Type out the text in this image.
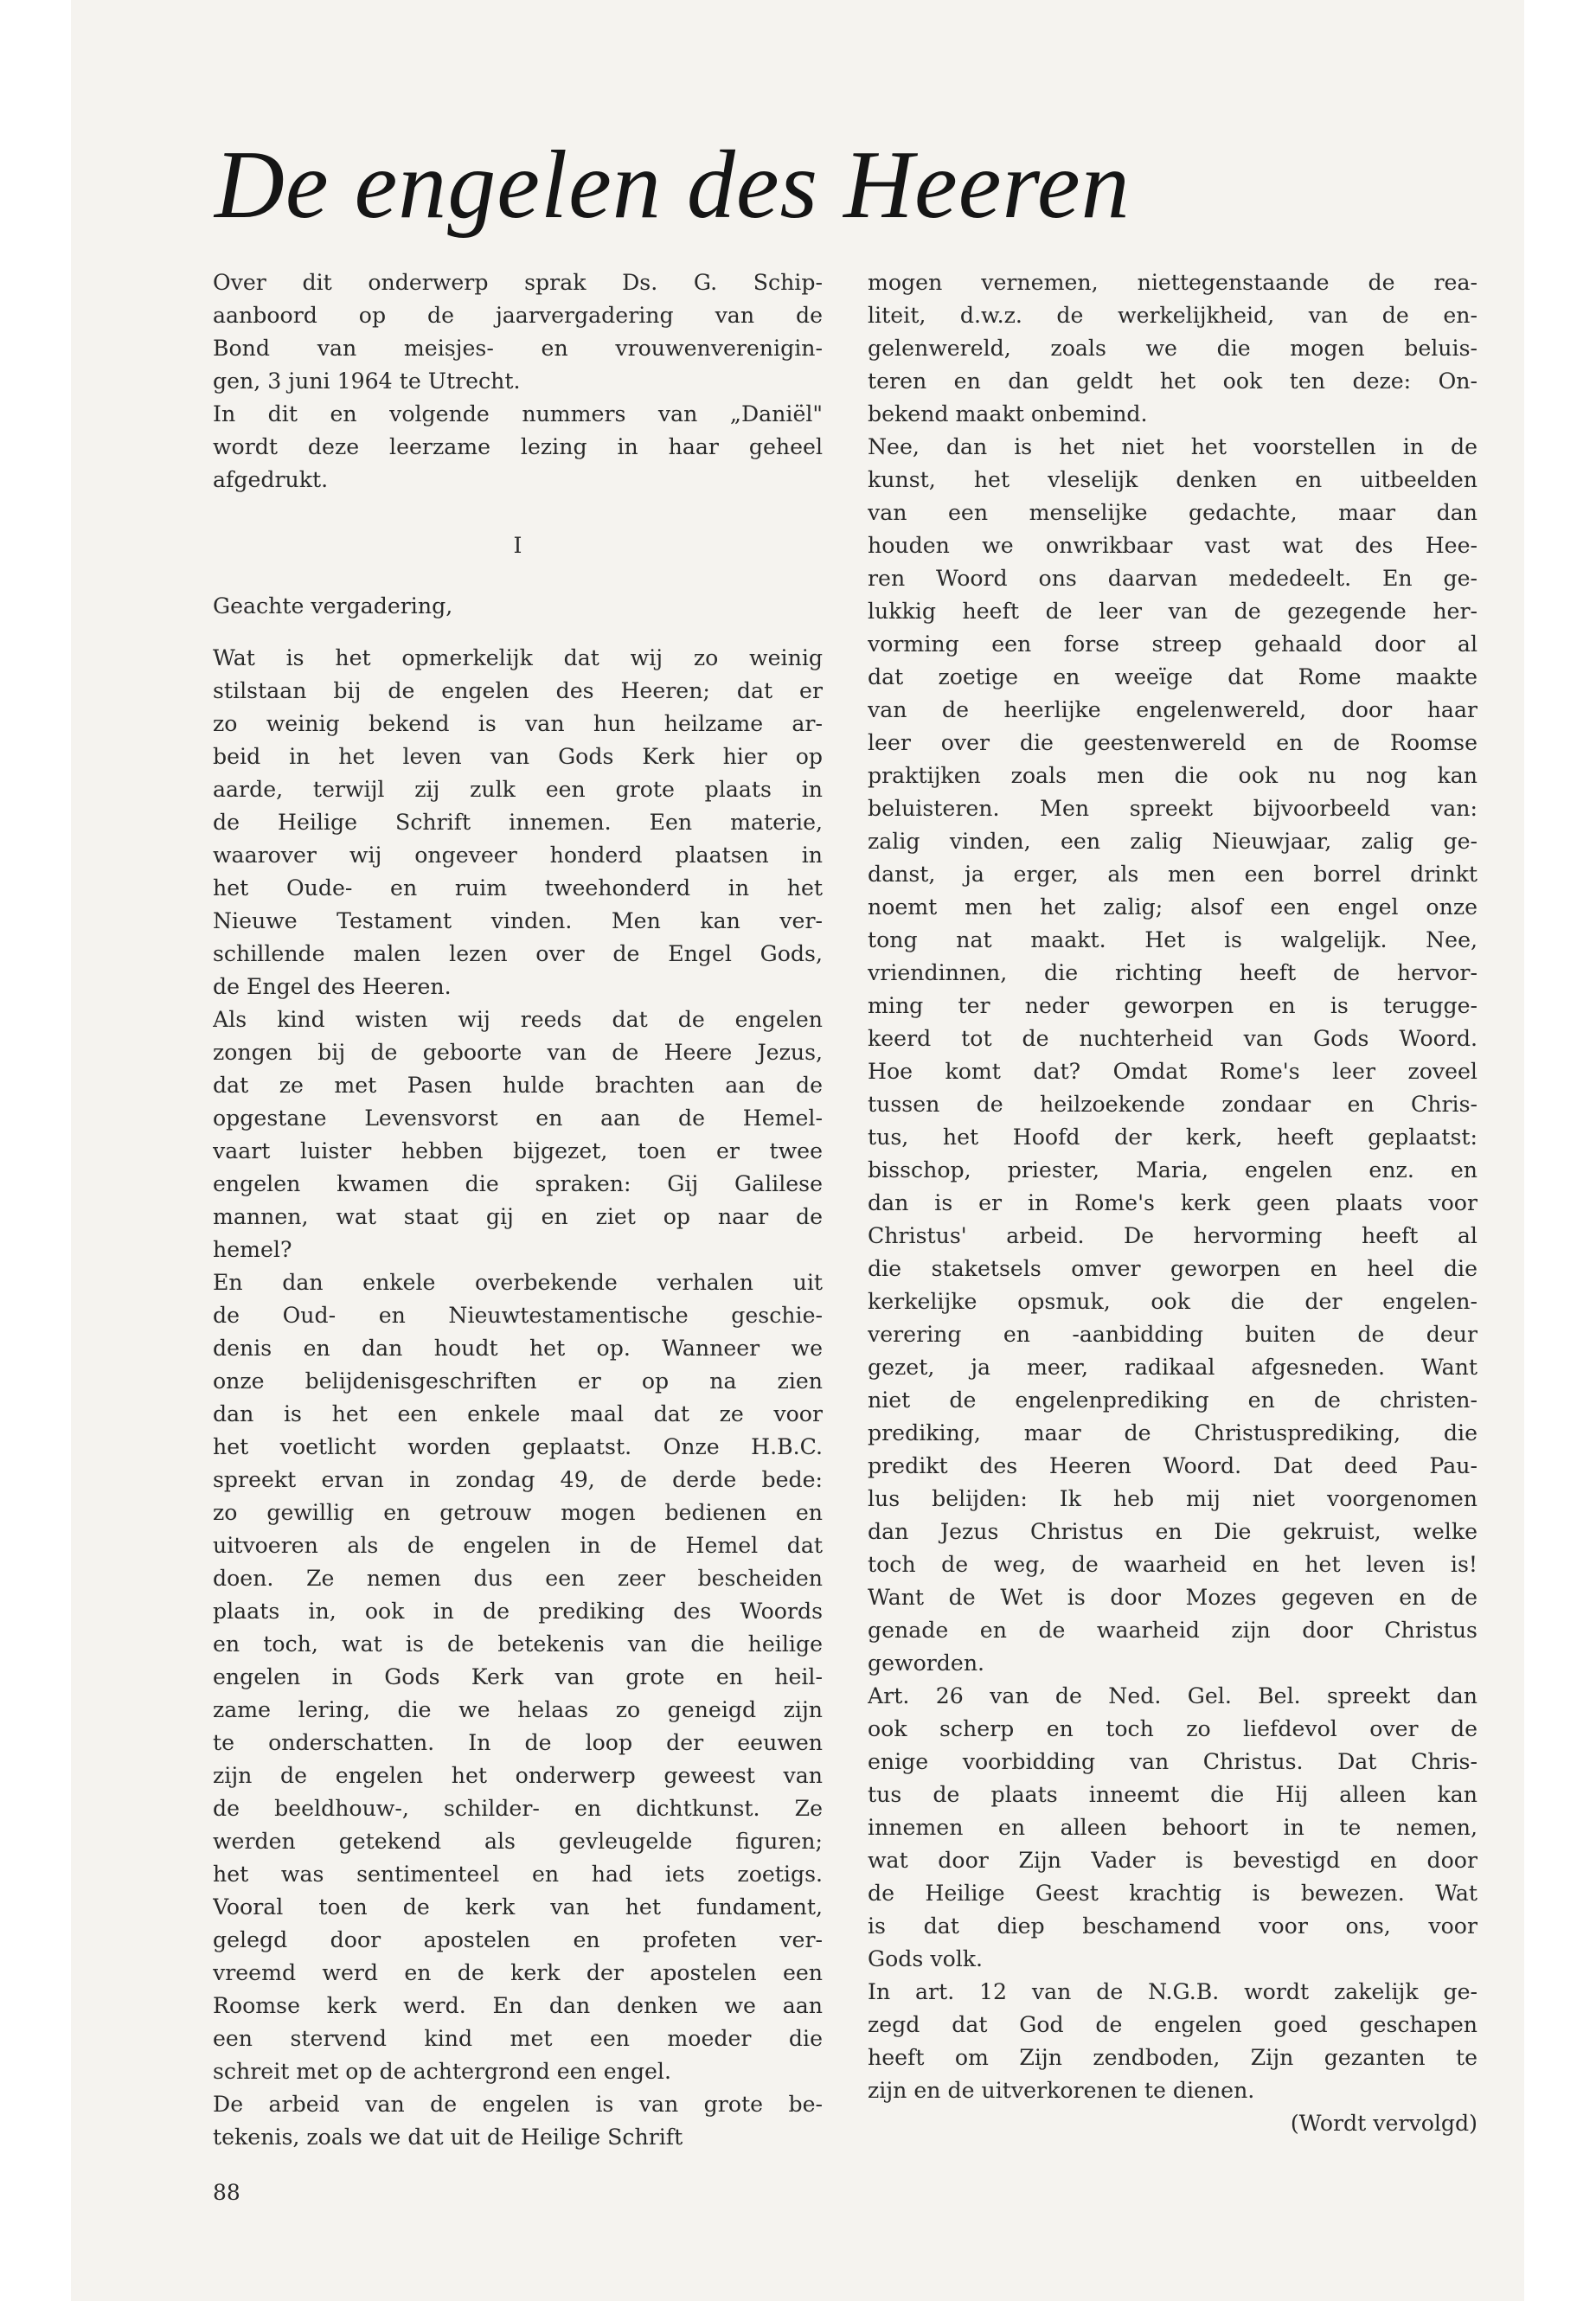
De engelen des Heeren
Over dit onderwerp sprak Ds. G. Schip-
aanboord op de jaarvergadering van de
Bond van meisjes- en vrouwenverenigin-
gen, 3 juni 1964 te Utrecht.
In dit en volgende nummers van „Daniël"
wordt deze leerzame lezing in haar geheel
afgedrukt.
I
Geachte vergadering,
Wat is het opmerkelijk dat wij zo weinig
stilstaan bij de engelen des Heeren; dat er
zo weinig bekend is van hun heilzame ar-
beid in het leven van Gods Kerk hier op
aarde, terwijl zij zulk een grote plaats in
de Heilige Schrift innemen. Een materie,
waarover wij ongeveer honderd plaatsen in
het Oude- en ruim tweehonderd in het
Nieuwe Testament vinden. Men kan ver-
schillende malen lezen over de Engel Gods,
de Engel des Heeren.
Als kind wisten wij reeds dat de engelen
zongen bij de geboorte van de Heere Jezus,
dat ze met Pasen hulde brachten aan de
opgestane Levensvorst en aan de Hemel-
vaart luister hebben bijgezet, toen er twee
engelen kwamen die spraken: Gij Galilese
mannen, wat staat gij en ziet op naar de
hemel?
En dan enkele overbekende verhalen uit
de Oud- en Nieuwtestamentische geschie-
denis en dan houdt het op. Wanneer we
onze belijdenisgeschriften er op na zien
dan is het een enkele maal dat ze voor
het voetlicht worden geplaatst. Onze H.B.C.
spreekt ervan in zondag 49, de derde bede:
zo gewillig en getrouw mogen bedienen en
uitvoeren als de engelen in de Hemel dat
doen. Ze nemen dus een zeer bescheiden
plaats in, ook in de prediking des Woords
en toch, wat is de betekenis van die heilige
engelen in Gods Kerk van grote en heil-
zame lering, die we helaas zo geneigd zijn
te onderschatten. In de loop der eeuwen
zijn de engelen het onderwerp geweest van
de beeldhouw-, schilder- en dichtkunst. Ze
werden getekend als gevleugelde figuren;
het was sentimenteel en had iets zoetigs.
Vooral toen de kerk van het fundament,
gelegd door apostelen en profeten ver-
vreemd werd en de kerk der apostelen een
Roomse kerk werd. En dan denken we aan
een stervend kind met een moeder die
schreit met op de achtergrond een engel.
De arbeid van de engelen is van grote be-
tekenis, zoals we dat uit de Heilige Schrift
mogen vernemen, niettegenstaande de rea-
liteit, d.w.z. de werkelijkheid, van de en-
gelenwereld, zoals we die mogen beluis-
teren en dan geldt het ook ten deze: On-
bekend maakt onbemind.
Nee, dan is het niet het voorstellen in de
kunst, het vleselijk denken en uitbeelden
van een menselijke gedachte, maar dan
houden we onwrikbaar vast wat des Hee-
ren Woord ons daarvan mededeelt. En ge-
lukkig heeft de leer van de gezegende her-
vorming een forse streep gehaald door al
dat zoetige en weeïge dat Rome maakte
van de heerlijke engelenwereld, door haar
leer over die geestenwereld en de Roomse
praktijken zoals men die ook nu nog kan
beluisteren. Men spreekt bijvoorbeeld van:
zalig vinden, een zalig Nieuwjaar, zalig ge-
danst, ja erger, als men een borrel drinkt
noemt men het zalig; alsof een engel onze
tong nat maakt. Het is walgelijk. Nee,
vriendinnen, die richting heeft de hervor-
ming ter neder geworpen en is terugge-
keerd tot de nuchterheid van Gods Woord.
Hoe komt dat? Omdat Rome's leer zoveel
tussen de heilzoekende zondaar en Chris-
tus, het Hoofd der kerk, heeft geplaatst:
bisschop, priester, Maria, engelen enz. en
dan is er in Rome's kerk geen plaats voor
Christus' arbeid. De hervorming heeft al
die staketsels omver geworpen en heel die
kerkelijke opsmuk, ook die der engelen-
verering en -aanbidding buiten de deur
gezet, ja meer, radikaal afgesneden. Want
niet de engelenprediking en de christen-
prediking, maar de Christusprediking, die
predikt des Heeren Woord. Dat deed Pau-
lus belijden: Ik heb mij niet voorgenomen
dan Jezus Christus en Die gekruist, welke
toch de weg, de waarheid en het leven is!
Want de Wet is door Mozes gegeven en de
genade en de waarheid zijn door Christus
geworden.
Art. 26 van de Ned. Gel. Bel. spreekt dan
ook scherp en toch zo liefdevol over de
enige voorbidding van Christus. Dat Chris-
tus de plaats inneemt die Hij alleen kan
innemen en alleen behoort in te nemen,
wat door Zijn Vader is bevestigd en door
de Heilige Geest krachtig is bewezen. Wat
is dat diep beschamend voor ons, voor
Gods volk.
In art. 12 van de N.G.B. wordt zakelijk ge-
zegd dat God de engelen goed geschapen
heeft om Zijn zendboden, Zijn gezanten te
zijn en de uitverkorenen te dienen.
(Wordt vervolgd)
88
